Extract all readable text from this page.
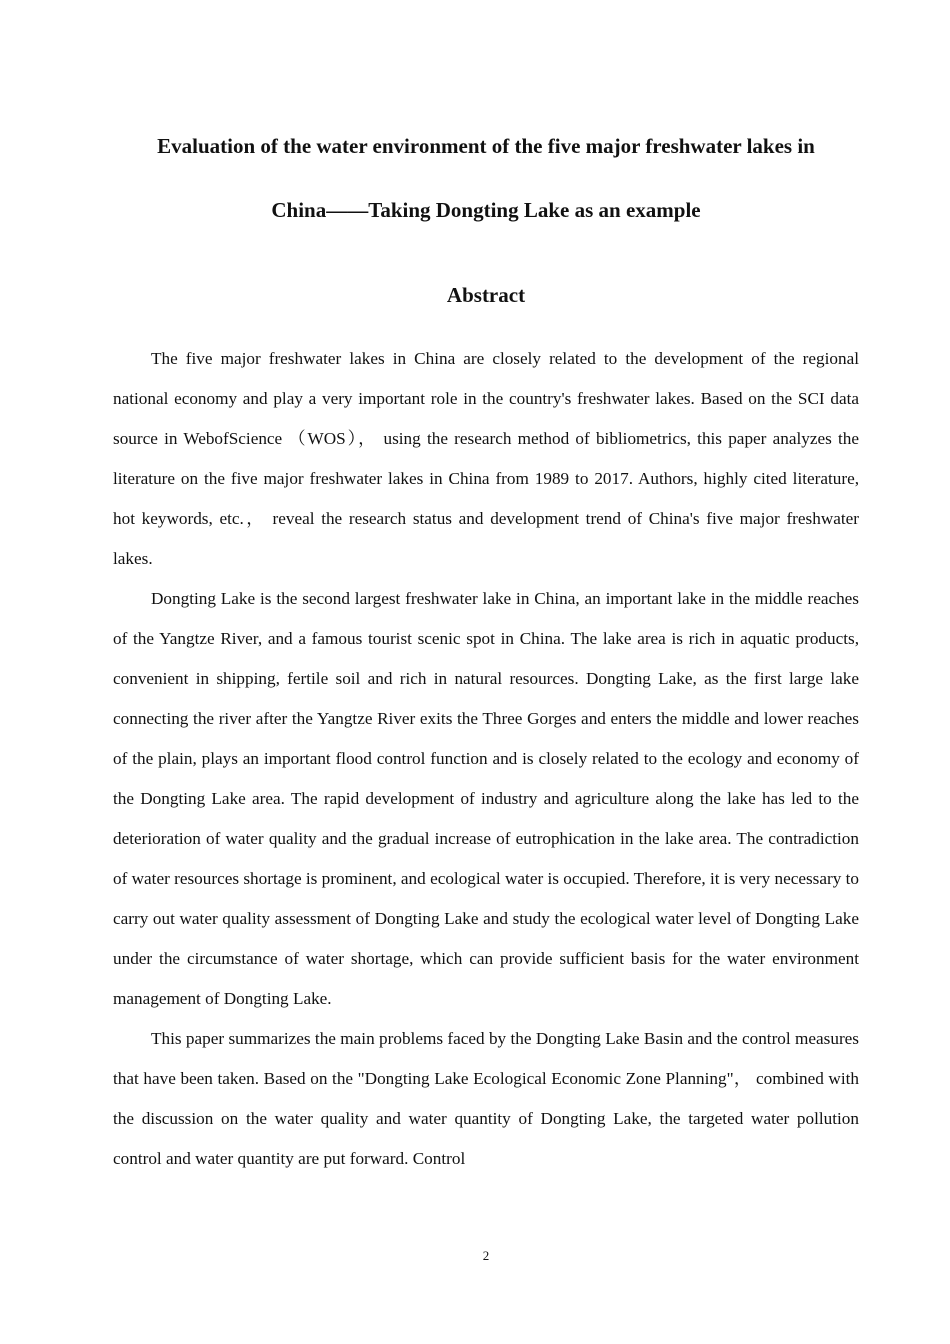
Evaluation of the water environment of the five major freshwater lakes in
China——Taking Dongting Lake as an example
Abstract

The five major freshwater lakes in China are closely related to the development of the regional national economy and play a very important role in the country's freshwater lakes. Based on the SCI data source in WebofScience （WOS）， using the research method of bibliometrics, this paper analyzes the literature on the five major freshwater lakes in China from 1989 to 2017. Authors, highly cited literature, hot keywords, etc.， reveal the research status and development trend of China's five major freshwater lakes.

Dongting Lake is the second largest freshwater lake in China, an important lake in the middle reaches of the Yangtze River, and a famous tourist scenic spot in China. The lake area is rich in aquatic products, convenient in shipping, fertile soil and rich in natural resources. Dongting Lake, as the first large lake connecting the river after the Yangtze River exits the Three Gorges and enters the middle and lower reaches of the plain, plays an important flood control function and is closely related to the ecology and economy of the Dongting Lake area. The rapid development of industry and agriculture along the lake has led to the deterioration of water quality and the gradual increase of eutrophication in the lake area. The contradiction of water resources shortage is prominent, and ecological water is occupied. Therefore, it is very necessary to carry out water quality assessment of Dongting Lake and study the ecological water level of Dongting Lake under the circumstance of water shortage, which can provide sufficient basis for the water environment management of Dongting Lake.

This paper summarizes the main problems faced by the Dongting Lake Basin and the control measures that have been taken. Based on the "Dongting Lake Ecological Economic Zone Planning"， combined with the discussion on the water quality and water quantity of Dongting Lake, the targeted water pollution control and water quantity are put forward. Control

2
